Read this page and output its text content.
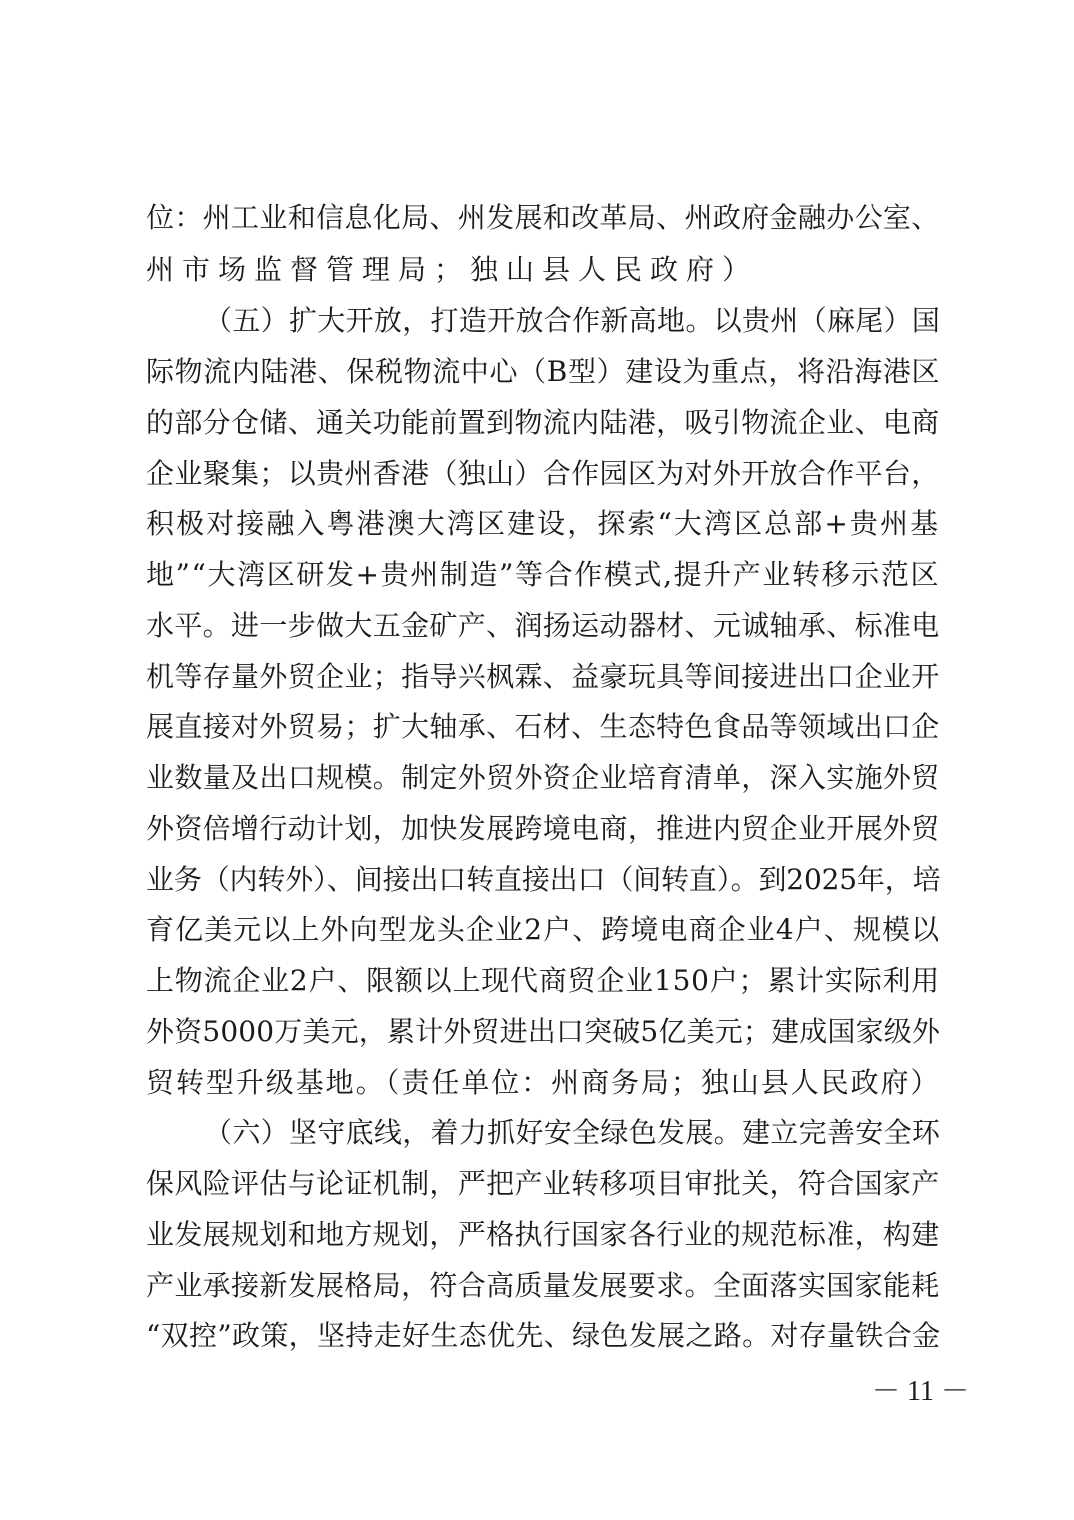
位：州工业和信息化局、州发展和改革局、州政府金融办公室、
州市场监督管理局；独山县人民政府）
（五）扩大开放，打造开放合作新高地。以贵州（麻尾）国
际物流内陆港、保税物流中心（B型）建设为重点，将沿海港区
的部分仓储、通关功能前置到物流内陆港，吸引物流企业、电商
企业聚集；以贵州香港（独山）合作园区为对外开放合作平台，
积极对接融入粤港澳大湾区建设，探索“大湾区总部+贵州基
地”“大湾区研发+贵州制造”等合作模式,提升产业转移示范区
水平。进一步做大五金矿产、润扬运动器材、元诚轴承、标准电
机等存量外贸企业；指导兴枫霖、益豪玩具等间接进出口企业开
展直接对外贸易；扩大轴承、石材、生态特色食品等领域出口企
业数量及出口规模。制定外贸外资企业培育清单，深入实施外贸
外资倍增行动计划，加快发展跨境电商，推进内贸企业开展外贸
业务（内转外）、间接出口转直接出口（间转直）。到2025年，培
育亿美元以上外向型龙头企业2户、跨境电商企业4户、规模以
上物流企业2户、限额以上现代商贸企业150户；累计实际利用
外资5000万美元，累计外贸进出口突破5亿美元；建成国家级外
贸转型升级基地。（责任单位：州商务局；独山县人民政府）
（六）坚守底线，着力抓好安全绿色发展。建立完善安全环
保风险评估与论证机制，严把产业转移项目审批关，符合国家产
业发展规划和地方规划，严格执行国家各行业的规范标准，构建
产业承接新发展格局，符合高质量发展要求。全面落实国家能耗
“双控”政策，坚持走好生态优先、绿色发展之路。对存量铁合金
－ 11 －
